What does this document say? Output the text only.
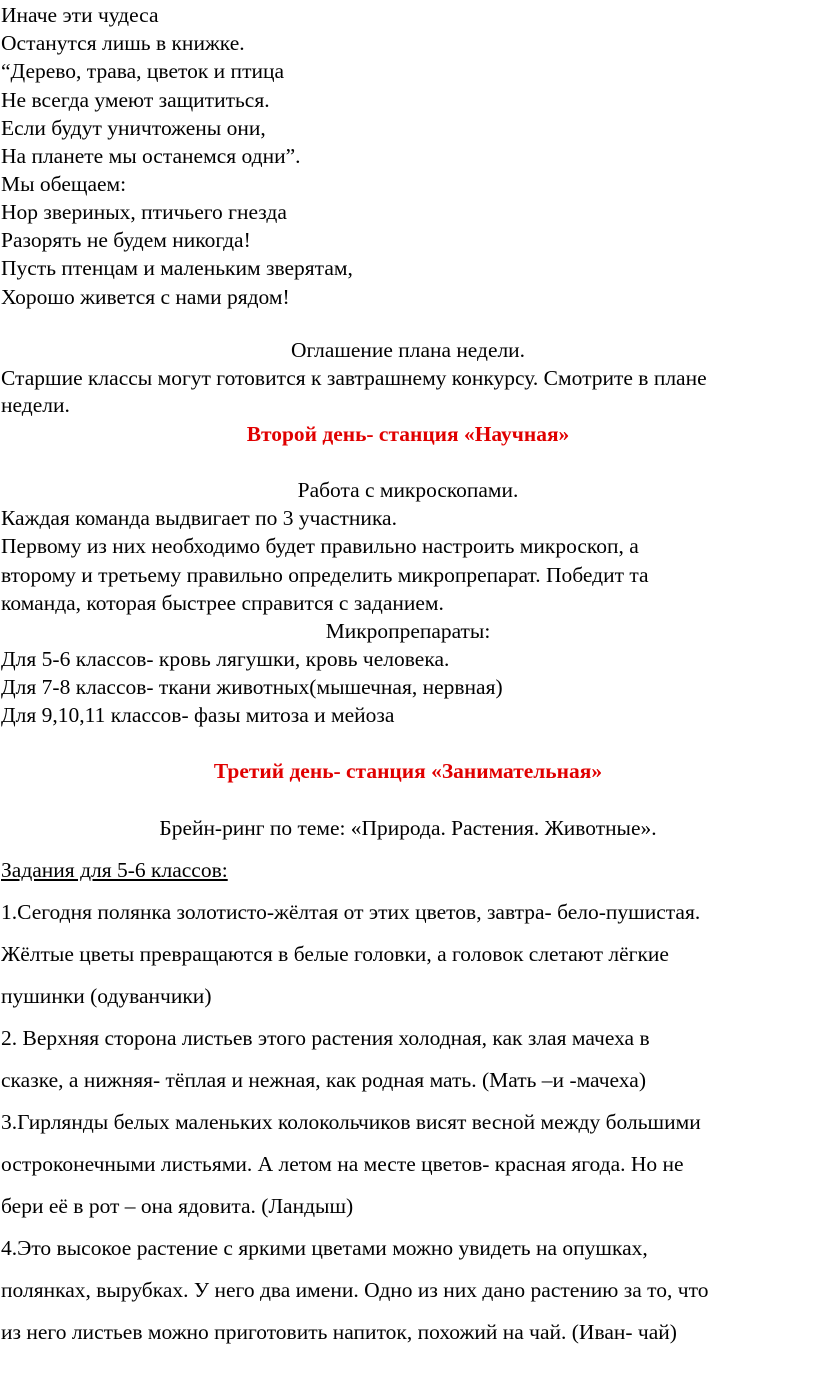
Иначе эти чудеса

Останутся лишь в книжке.

“Дерево, трава, цветок и птица

Не всегда умеют защититься.

Если будут уничтожены они,

На планете мы останемся одни”.

Мы обещаем:

Нор звериных, птичьего гнезда

Разорять не будем никогда!

Пусть птенцам и маленьким зверятам,

Хорошо живется с нами рядом!

Оглашение плана недели.

Старшие классы могут готовится к завтрашнему конкурсу. Смотрите в плане

недели.

Второй день- станция «Научная»

Работа с микроскопами.

Каждая команда выдвигает по 3 участника.

Первому из них необходимо будет правильно настроить микроскоп, а

второму и третьему правильно определить микропрепарат. Победит та

команда, которая быстрее справится с заданием.

Микропрепараты:

Для 5-6 классов- кровь лягушки, кровь человека.

Для 7-8 классов- ткани животных(мышечная, нервная)

Для 9,10,11 классов- фазы митоза и мейоза

Третий день- станция «Занимательная»

Брейн-ринг по теме: «Природа. Растения. Животные».

Задания для 5-6 классов:

1.Сегодня полянка золотисто-жёлтая от этих цветов, завтра- бело-пушистая.

Жёлтые цветы превращаются в белые головки, а головок слетают лёгкие

пушинки (одуванчики)

2. Верхняя сторона листьев этого растения холодная, как злая мачеха в

сказке, а нижняя- тёплая и нежная, как родная мать. (Мать –и -мачеха)

3.Гирлянды белых маленьких колокольчиков висят весной между большими

остроконечными листьями. А летом на месте цветов- красная ягода. Но не

бери её в рот – она ядовита. (Ландыш)

4.Это высокое растение с яркими цветами можно увидеть на опушках,

полянках, вырубках. У него два имени. Одно из них дано растению за то, что

из него листьев можно приготовить напиток, похожий на чай. (Иван- чай)
